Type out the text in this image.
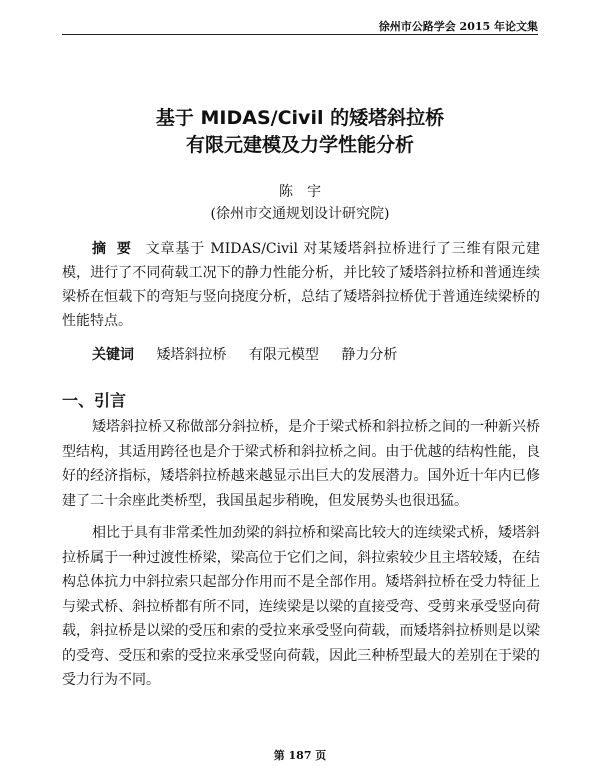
徐州市公路学会 2015 年论文集
基于 MIDAS/Civil 的矮塔斜拉桥
有限元建模及力学性能分析
陈宇
(徐州市交通规划设计研究院)
摘要 文章基于 MIDAS/Civil 对某矮塔斜拉桥进行了三维有限元建模，进行了不同荷载工况下的静力性能分析，并比较了矮塔斜拉桥和普通连续梁桥在恒载下的弯矩与竖向挠度分析，总结了矮塔斜拉桥优于普通连续梁桥的性能特点。
关键词 矮塔斜拉桥 有限元模型 静力分析
一、引言

矮塔斜拉桥又称做部分斜拉桥，是介于梁式桥和斜拉桥之间的一种新兴桥型结构，其适用跨径也是介于梁式桥和斜拉桥之间。由于优越的结构性能，良好的经济指标，矮塔斜拉桥越来越显示出巨大的发展潜力。国外近十年内已修建了二十余座此类桥型，我国虽起步稍晚，但发展势头也很迅猛。

相比于具有非常柔性加劲梁的斜拉桥和梁高比较大的连续梁式桥，矮塔斜拉桥属于一种过渡性桥梁，梁高位于它们之间，斜拉索较少且主塔较矮，在结构总体抗力中斜拉索只起部分作用而不是全部作用。矮塔斜拉桥在受力特征上与梁式桥、斜拉桥都有所不同，连续梁是以梁的直接受弯、受剪来承受竖向荷载，斜拉桥是以梁的受压和索的受拉来承受竖向荷载，而矮塔斜拉桥则是以梁的受弯、受压和索的受拉来承受竖向荷载，因此三种桥型最大的差别在于梁的受力行为不同。

第 187 页
